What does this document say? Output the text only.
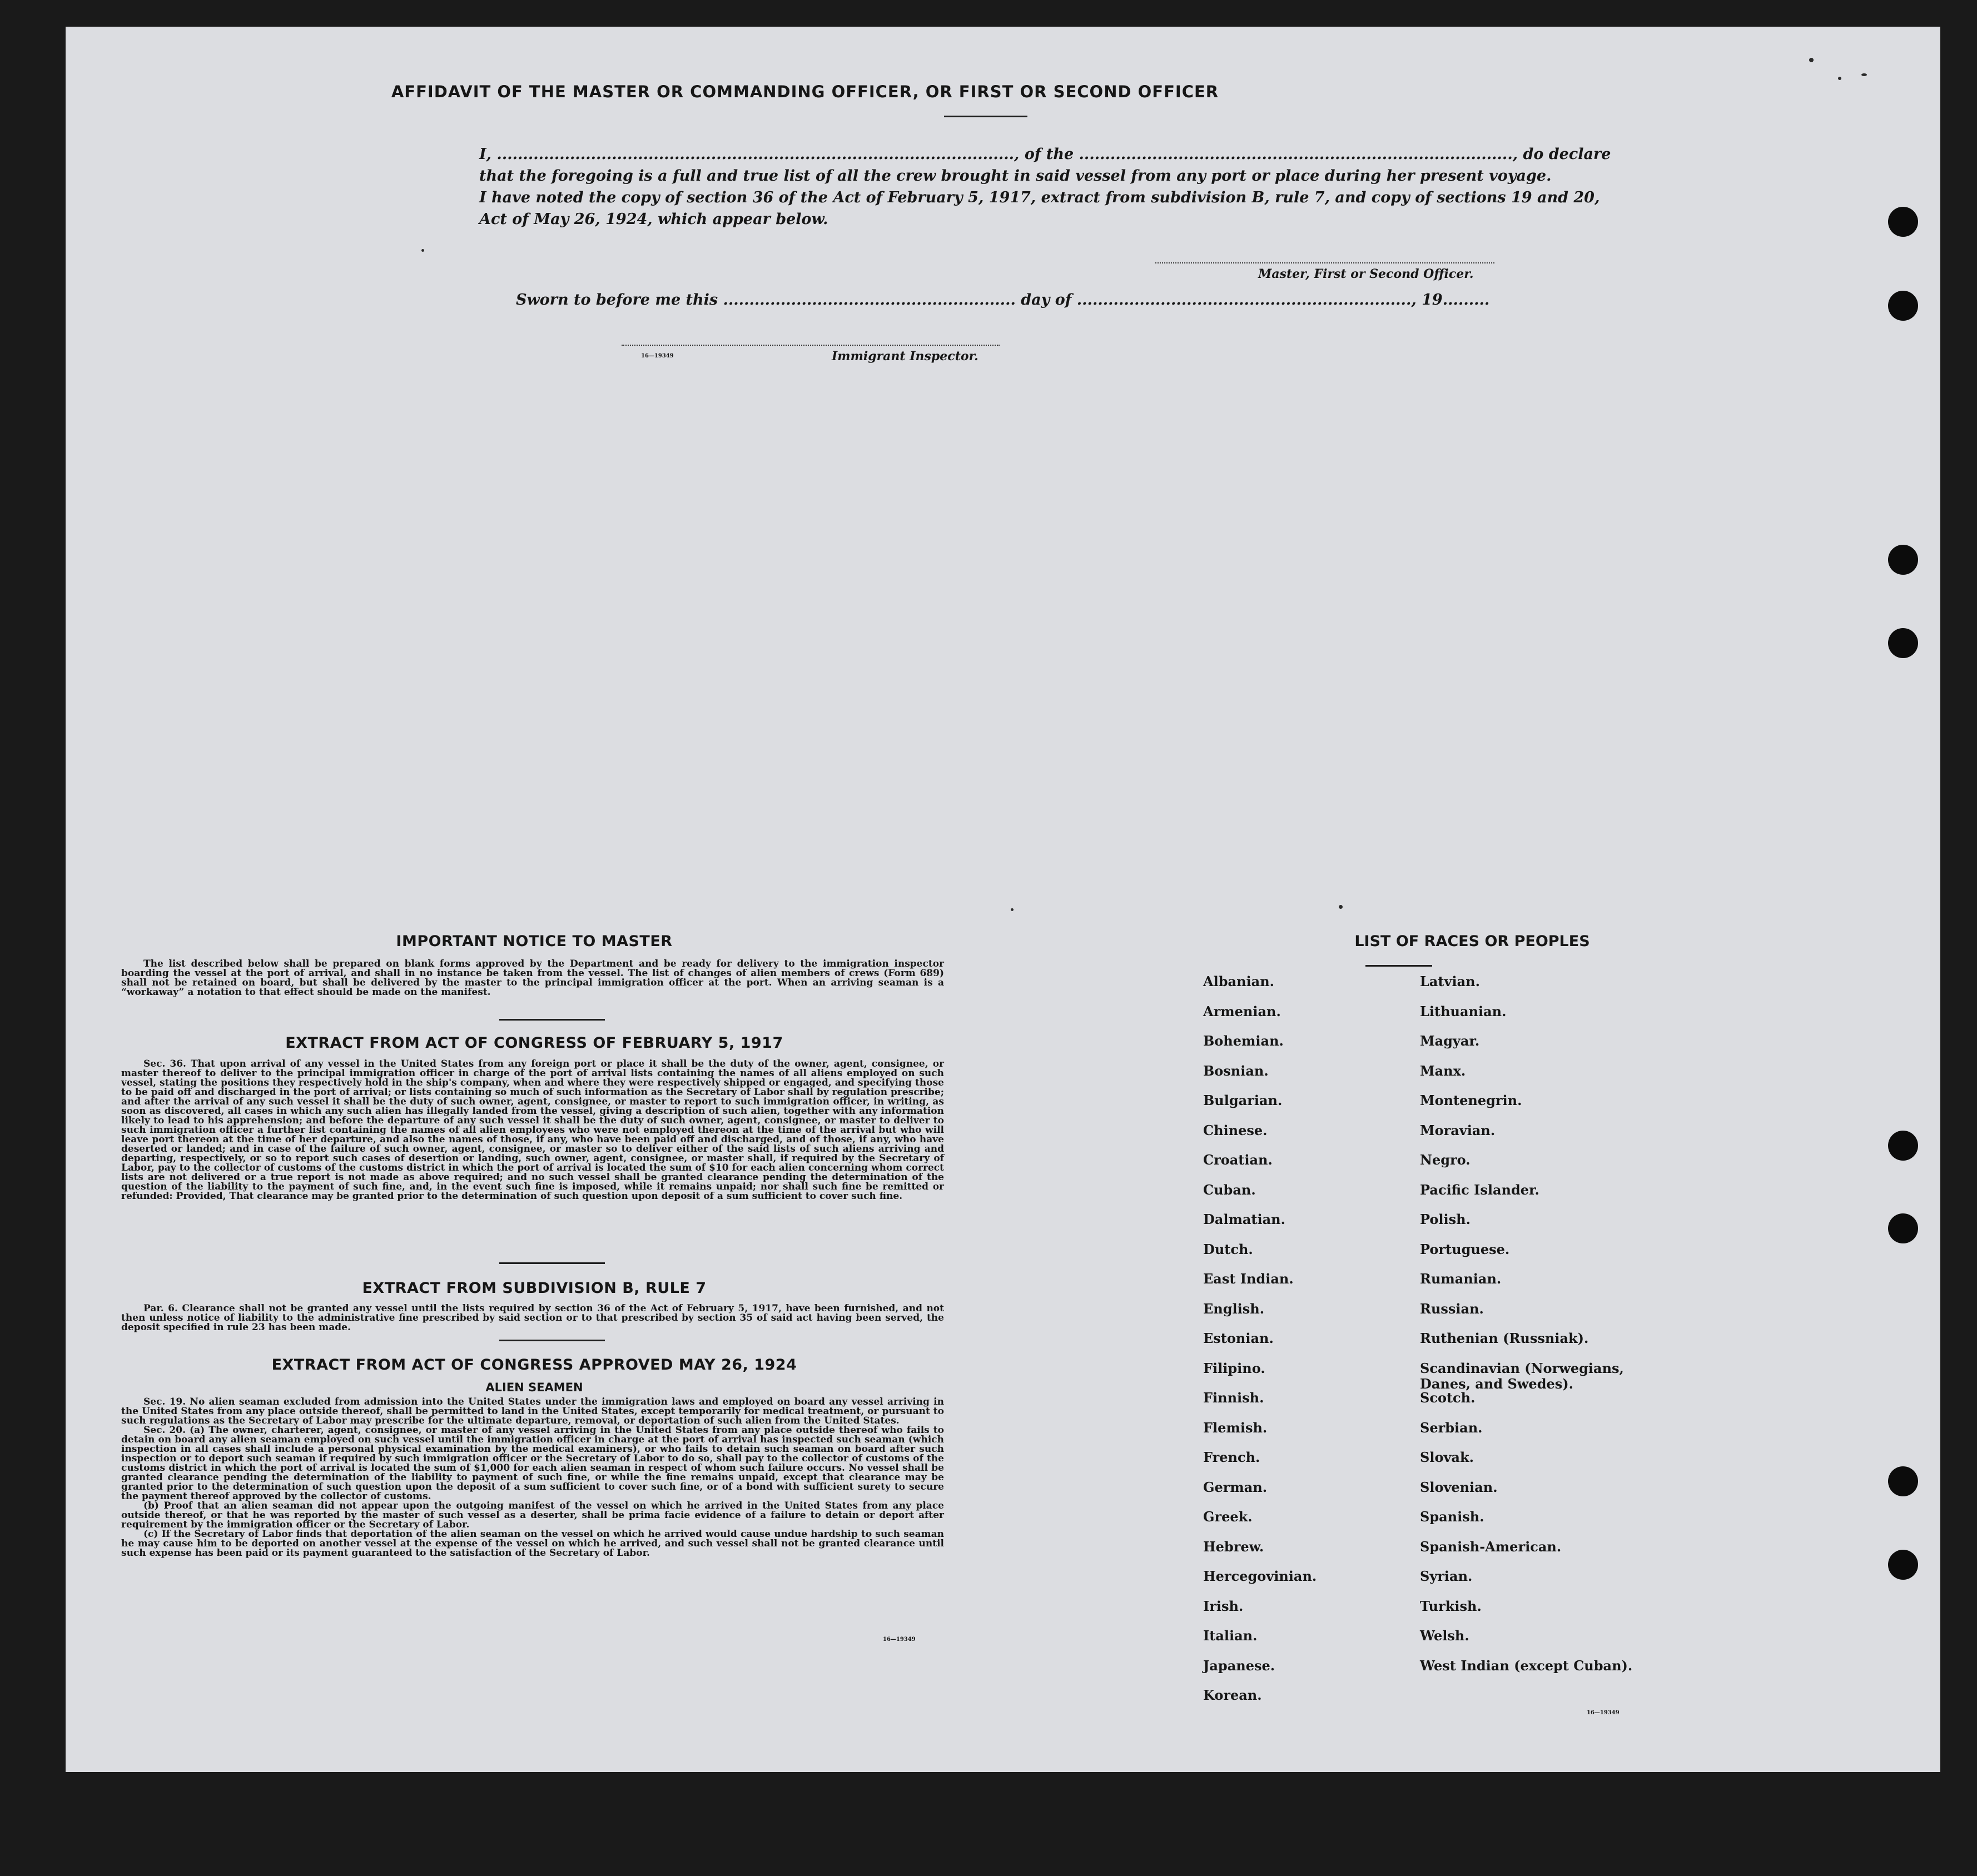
AFFIDAVIT OF THE MASTER OR COMMANDING OFFICER, OR FIRST OR SECOND OFFICER
I, ..................................................................................................., of the ..................................................................................., do declare
that the foregoing is a full and true list of all the crew brought in said vessel from any port or place during her present voyage.
I have noted the copy of section 36 of the Act of February 5, 1917, extract from subdivision B, rule 7, and copy of sections 19 and 20,
Act of May 26, 1924, which appear below.
Master, First or Second Officer.
Sworn to before me this ........................................................ day of ................................................................, 19.........
16—19349	Immigrant Inspector.
IMPORTANT NOTICE TO MASTER

The list described below shall be prepared on blank forms approved by the Department and be ready for delivery to the immigration inspector boarding the vessel at the port of arrival, and shall in no instance be taken from the vessel. The list of changes of alien members of crews (Form 689) shall not be retained on board, but shall be delivered by the master to the principal immigration officer at the port. When an arriving seaman is a “workaway” a notation to that effect should be made on the manifest.

EXTRACT FROM ACT OF CONGRESS OF FEBRUARY 5, 1917

Sec. 36. That upon arrival of any vessel in the United States from any foreign port or place it shall be the duty of the owner, agent, consignee, or master thereof to deliver to the principal immigration officer in charge of the port of arrival lists containing the names of all aliens employed on such vessel, stating the positions they respectively hold in the ship's company, when and where they were respectively shipped or engaged, and specifying those to be paid off and discharged in the port of arrival; or lists containing so much of such information as the Secretary of Labor shall by regulation prescribe; and after the arrival of any such vessel it shall be the duty of such owner, agent, consignee, or master to report to such immigration officer, in writing, as soon as discovered, all cases in which any such alien has illegally landed from the vessel, giving a description of such alien, together with any information likely to lead to his apprehension; and before the departure of any such vessel it shall be the duty of such owner, agent, consignee, or master to deliver to such immigration officer a further list containing the names of all alien employees who were not employed thereon at the time of the arrival but who will leave port thereon at the time of her departure, and also the names of those, if any, who have been paid off and discharged, and of those, if any, who have deserted or landed; and in case of the failure of such owner, agent, consignee, or master so to deliver either of the said lists of such aliens arriving and departing, respectively, or so to report such cases of desertion or landing, such owner, agent, consignee, or master shall, if required by the Secretary of Labor, pay to the collector of customs of the customs district in which the port of arrival is located the sum of $10 for each alien concerning whom correct lists are not delivered or a true report is not made as above required; and no such vessel shall be granted clearance pending the determination of the question of the liability to the payment of such fine, and, in the event such fine is imposed, while it remains unpaid; nor shall such fine be remitted or refunded: Provided, That clearance may be granted prior to the determination of such question upon deposit of a sum sufficient to cover such fine.

EXTRACT FROM SUBDIVISION B, RULE 7

Par. 6. Clearance shall not be granted any vessel until the lists required by section 36 of the Act of February 5, 1917, have been furnished, and not then unless notice of liability to the administrative fine prescribed by said section or to that prescribed by section 35 of said act having been served, the deposit specified in rule 23 has been made.

EXTRACT FROM ACT OF CONGRESS APPROVED MAY 26, 1924
ALIEN SEAMEN

Sec. 19. No alien seaman excluded from admission into the United States under the immigration laws and employed on board any vessel arriving in the United States from any place outside thereof, shall be permitted to land in the United States, except temporarily for medical treatment, or pursuant to such regulations as the Secretary of Labor may prescribe for the ultimate departure, removal, or deportation of such alien from the United States.

Sec. 20. (a) The owner, charterer, agent, consignee, or master of any vessel arriving in the United States from any place outside thereof who fails to detain on board any alien seaman employed on such vessel until the immigration officer in charge at the port of arrival has inspected such seaman (which inspection in all cases shall include a personal physical examination by the medical examiners), or who fails to detain such seaman on board after such inspection or to deport such seaman if required by such immigration officer or the Secretary of Labor to do so, shall pay to the collector of customs of the customs district in which the port of arrival is located the sum of $1,000 for each alien seaman in respect of whom such failure occurs. No vessel shall be granted clearance pending the determination of the liability to payment of such fine, or while the fine remains unpaid, except that clearance may be granted prior to the determination of such question upon the deposit of a sum sufficient to cover such fine, or of a bond with sufficient surety to secure the payment thereof approved by the collector of customs.

(b) Proof that an alien seaman did not appear upon the outgoing manifest of the vessel on which he arrived in the United States from any place outside thereof, or that he was reported by the master of such vessel as a deserter, shall be prima facie evidence of a failure to detain or deport after requirement by the immigration officer or the Secretary of Labor.

(c) If the Secretary of Labor finds that deportation of the alien seaman on the vessel on which he arrived would cause undue hardship to such seaman he may cause him to be deported on another vessel at the expense of the vessel on which he arrived, and such vessel shall not be granted clearance until such expense has been paid or its payment guaranteed to the satisfaction of the Secretary of Labor.

16—19349
LIST OF RACES OR PEOPLES
Albanian.
Armenian.
Bohemian.
Bosnian.
Bulgarian.
Chinese.
Croatian.
Cuban.
Dalmatian.
Dutch.
East Indian.
English.
Estonian.
Filipino.
Finnish.
Flemish.
French.
German.
Greek.
Hebrew.
Hercegovinian.
Irish.
Italian.
Japanese.
Korean.
Latvian.
Lithuanian.
Magyar.
Manx.
Montenegrin.
Moravian.
Negro.
Pacific Islander.
Polish.
Portuguese.
Rumanian.
Russian.
Ruthenian (Russniak).
Scandinavian (Norwegians,
Danes, and Swedes).
Scotch.
Serbian.
Slovak.
Slovenian.
Spanish.
Spanish-American.
Syrian.
Turkish.
Welsh.
West Indian (except Cuban).
16—19349
